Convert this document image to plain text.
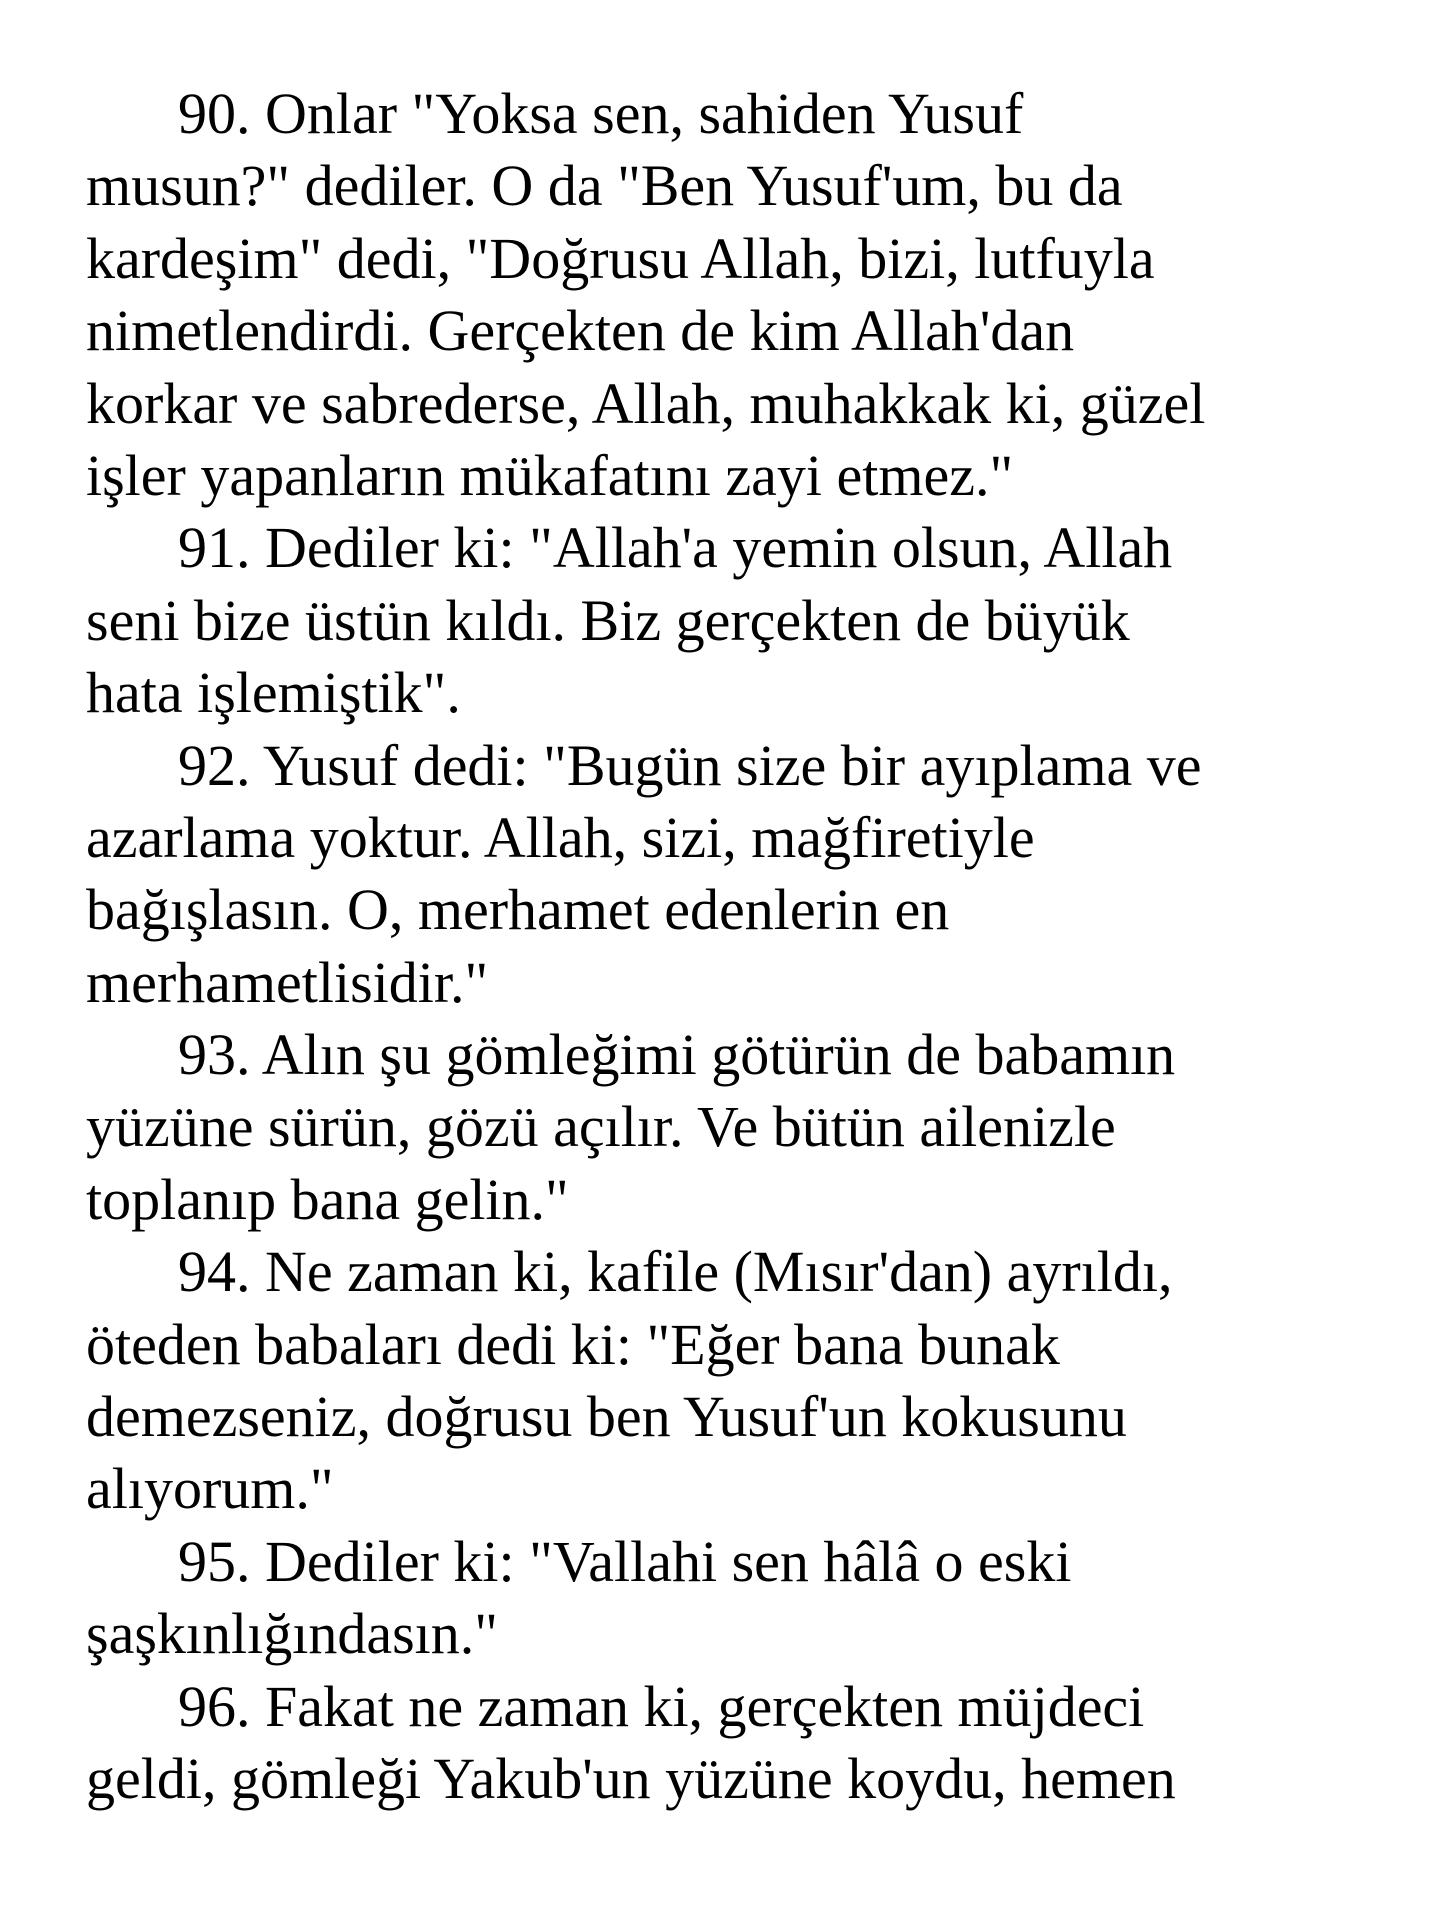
90. Onlar "Yoksa sen, sahiden Yusuf
musun?" dediler. O da "Ben Yusuf'um, bu da
kardeşim" dedi, "Doğrusu Allah, bizi, lutfuyla
nimetlendirdi. Gerçekten de kim Allah'dan
korkar ve sabrederse, Allah, muhakkak ki, güzel
işler yapanların mükafatını zayi etmez."
91. Dediler ki: "Allah'a yemin olsun, Allah
seni bize üstün kıldı. Biz gerçekten de büyük
hata işlemiştik".
92. Yusuf dedi: "Bugün size bir ayıplama ve
azarlama yoktur. Allah, sizi, mağfiretiyle
bağışlasın. O, merhamet edenlerin en
merhametlisidir."
93. Alın şu gömleğimi götürün de babamın
yüzüne sürün, gözü açılır. Ve bütün ailenizle
toplanıp bana gelin."
94. Ne zaman ki, kafile (Mısır'dan) ayrıldı,
öteden babaları dedi ki: "Eğer bana bunak
demezseniz, doğrusu ben Yusuf'un kokusunu
alıyorum."
95. Dediler ki: "Vallahi sen hâlâ o eski
şaşkınlığındasın."
96. Fakat ne zaman ki, gerçekten müjdeci
geldi, gömleği Yakub'un yüzüne koydu, hemen
